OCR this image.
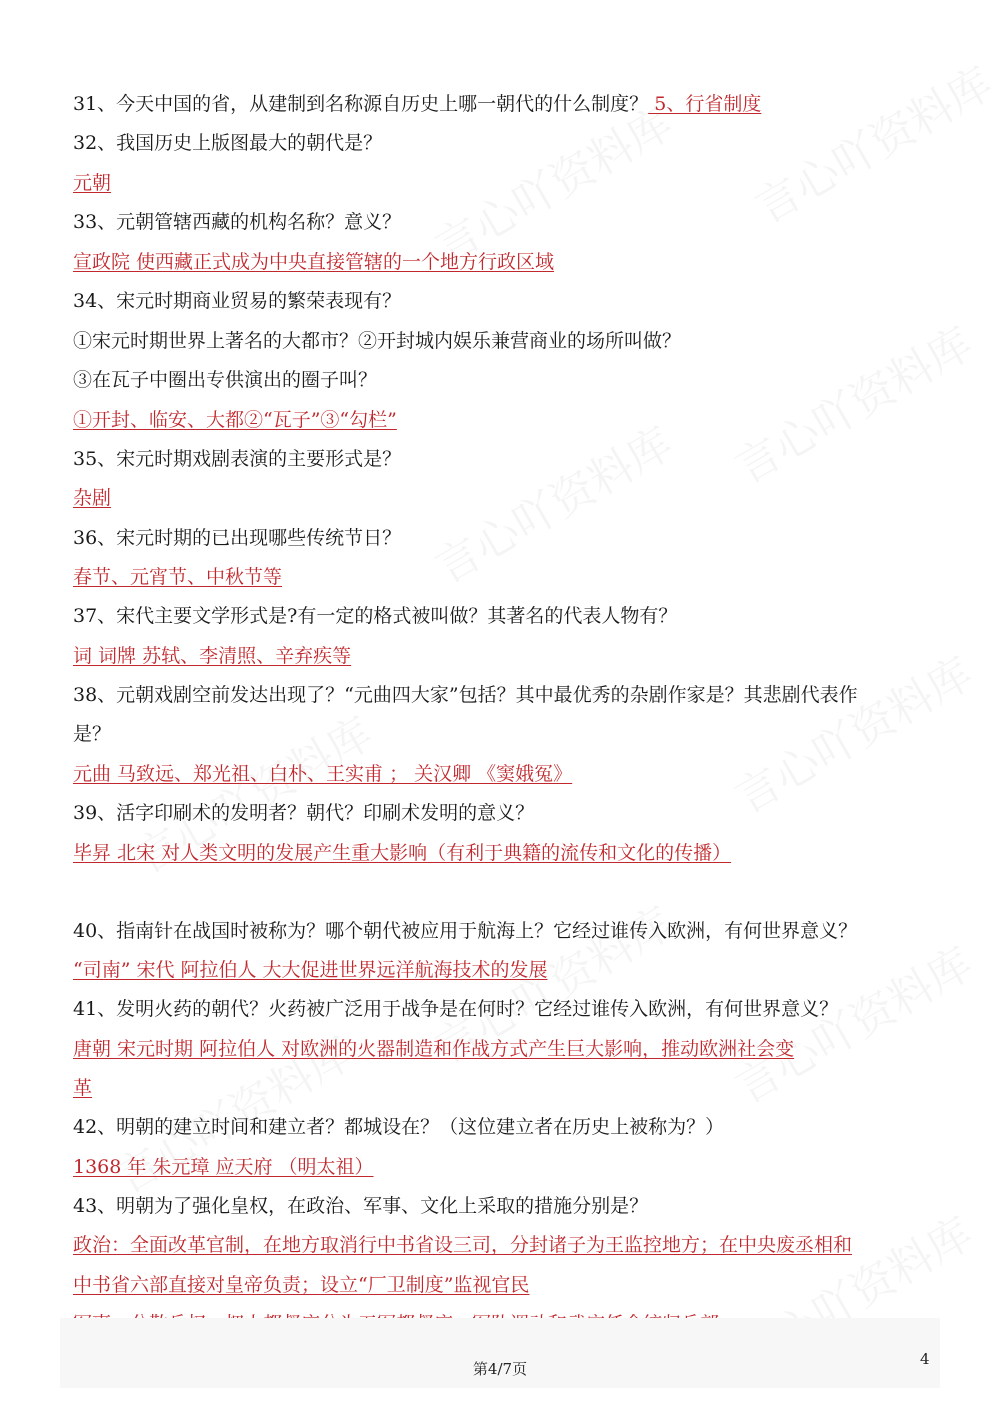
31、今天中国的省，从建制到名称源自历史上哪一朝代的什么制度？ 5、行省制度
32、我国历史上版图最大的朝代是？
元朝
33、元朝管辖西藏的机构名称？意义？
宣政院 使西藏正式成为中央直接管辖的一个地方行政区域
34、宋元时期商业贸易的繁荣表现有？
①宋元时期世界上著名的大都市？②开封城内娱乐兼营商业的场所叫做？
③在瓦子中圈出专供演出的圈子叫？
①开封、临安、大都②“瓦子”③“勾栏”
35、宋元时期戏剧表演的主要形式是？
杂剧
36、宋元时期的已出现哪些传统节日？
春节、元宵节、中秋节等
37、宋代主要文学形式是?有一定的格式被叫做？其著名的代表人物有？
词 词牌 苏轼、李清照、辛弃疾等
38、元朝戏剧空前发达出现了？“元曲四大家”包括？其中最优秀的杂剧作家是？其悲剧代表作
是？
元曲 马致远、郑光祖、白朴、王实甫 ； 关汉卿 《窦娥冤》
39、活字印刷术的发明者？朝代？印刷术发明的意义？
毕昇 北宋 对人类文明的发展产生重大影响（有利于典籍的流传和文化的传播）
40、指南针在战国时被称为？哪个朝代被应用于航海上？它经过谁传入欧洲，有何世界意义？
“司南” 宋代 阿拉伯人 大大促进世界远洋航海技术的发展
41、发明火药的朝代？火药被广泛用于战争是在何时？它经过谁传入欧洲，有何世界意义？
唐朝 宋元时期 阿拉伯人 对欧洲的火器制造和作战方式产生巨大影响，推动欧洲社会变
革
42、明朝的建立时间和建立者？都城设在？（这位建立者在历史上被称为？）
1368 年 朱元璋 应天府 （明太祖）
43、明朝为了强化皇权，在政治、军事、文化上采取的措施分别是？
政治：全面改革官制，在地方取消行中书省设三司，分封诸子为王监控地方；在中央废丞相和
中书省六部直接对皇帝负责；设立“厂卫制度”监视官民
第4/7页
4
